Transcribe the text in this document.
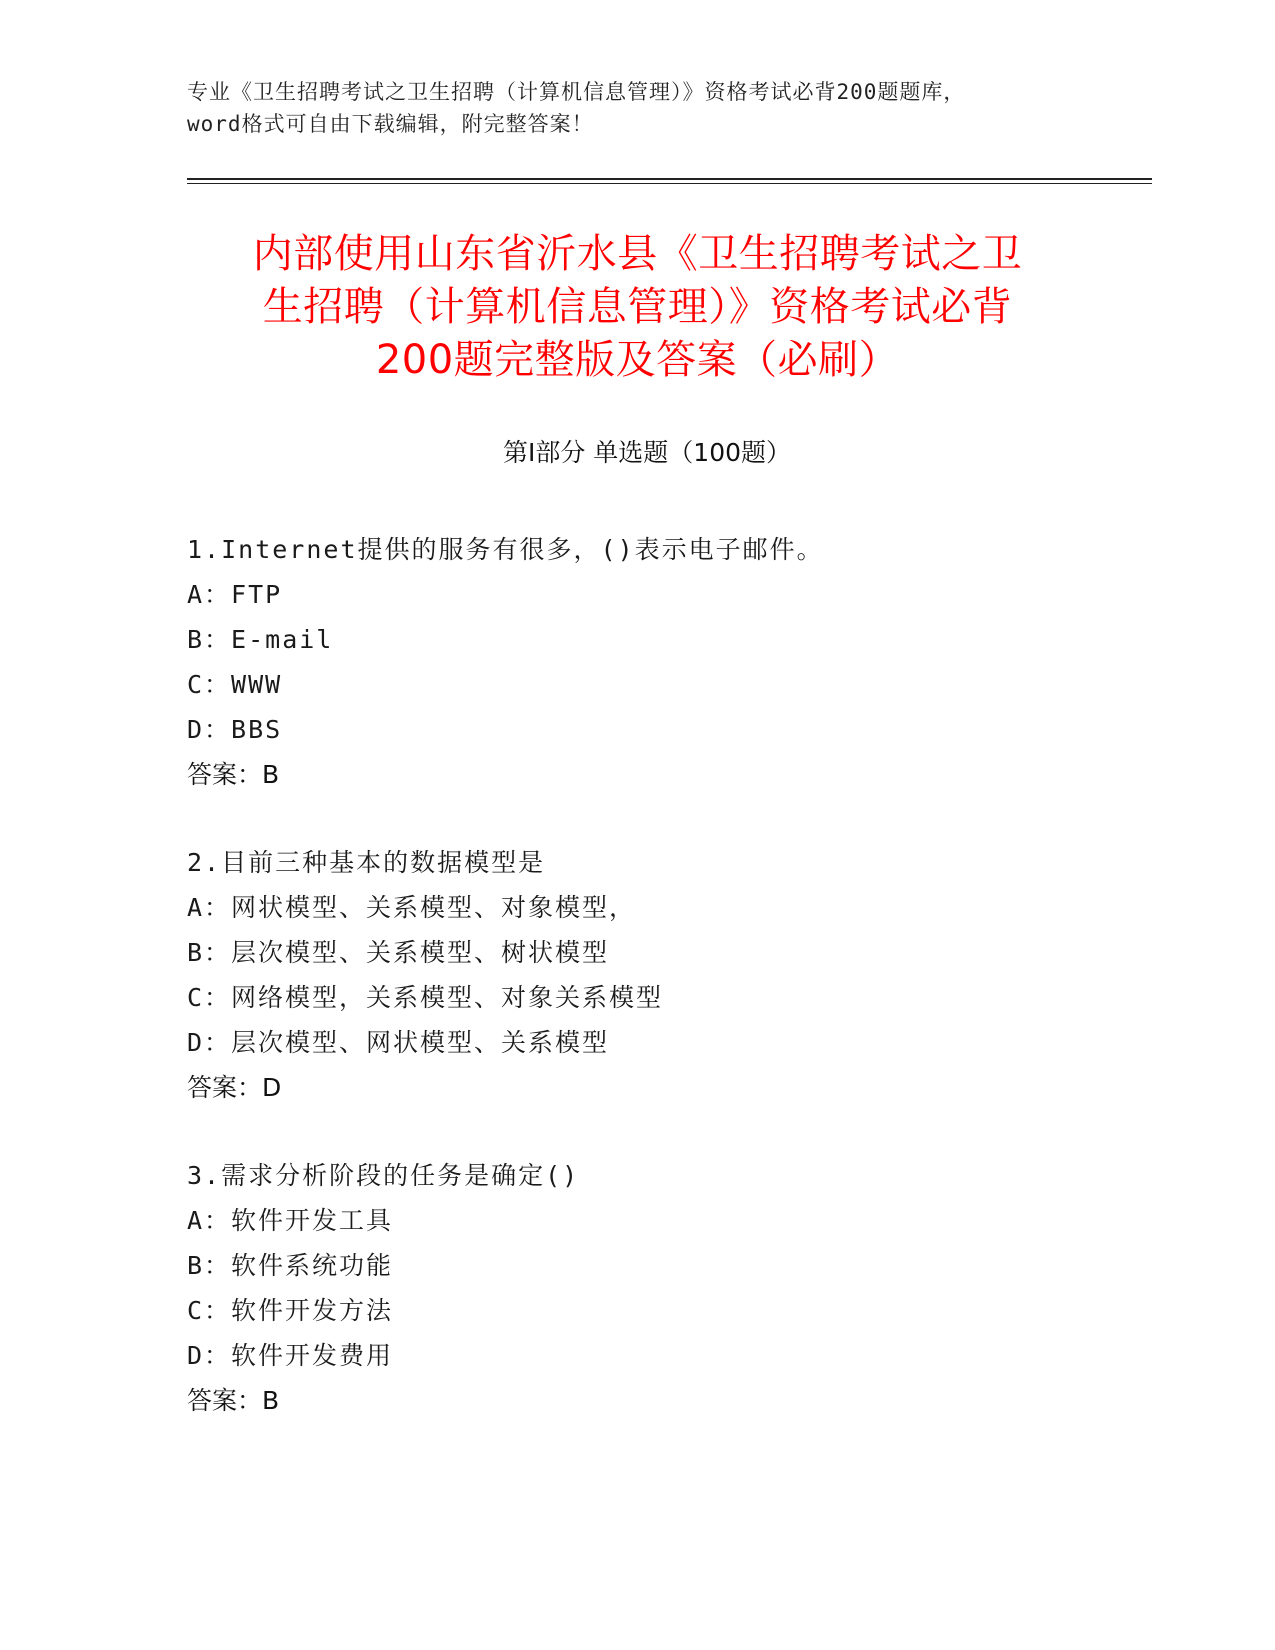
专业《卫生招聘考试之卫生招聘（计算机信息管理）》资格考试必背200题题库，
word格式可自由下载编辑，附完整答案！
内部使用山东省沂水县《卫生招聘考试之卫
生招聘（计算机信息管理）》资格考试必背
200题完整版及答案（必刷）
第Ⅰ部分 单选题（100题）
1.Internet提供的服务有很多，()表示电子邮件。
A：FTP
B：E-mail
C：WWW
D：BBS
答案：B
2.目前三种基本的数据模型是
A：网状模型、关系模型、对象模型，
B：层次模型、关系模型、树状模型
C：网络模型，关系模型、对象关系模型
D：层次模型、网状模型、关系模型
答案：D
3.需求分析阶段的任务是确定()
A：软件开发工具
B：软件系统功能
C：软件开发方法
D：软件开发费用
答案：B
